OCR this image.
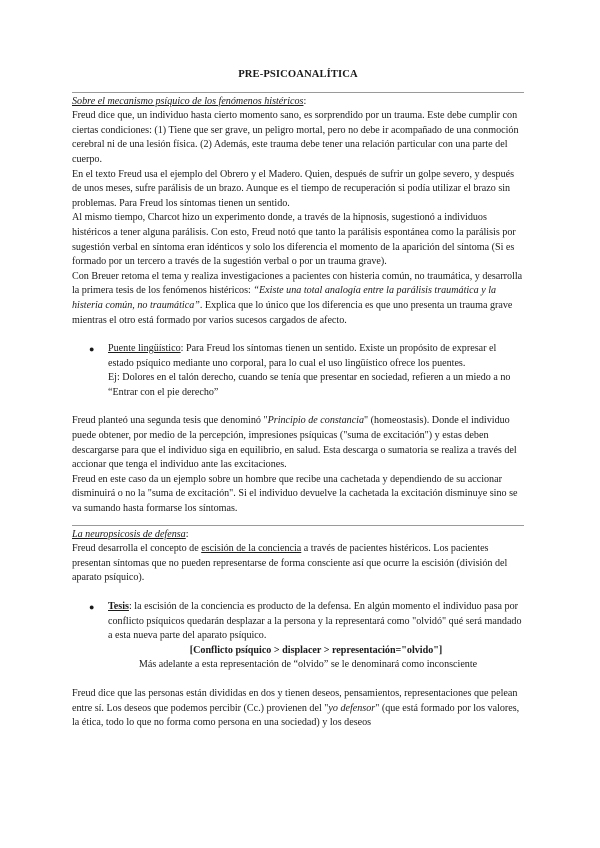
PRE-PSICOANALÍTICA

Sobre el mecanismo psíquico de los fenómenos histéricos:

Freud dice que, un individuo hasta cierto momento sano, es sorprendido por un trauma. Este debe cumplir con ciertas condiciones: (1) Tiene que ser grave, un peligro mortal, pero no debe ir acompañado de una conmoción cerebral ni de una lesión física. (2) Además, este trauma debe tener una relación particular con una parte del cuerpo.

En el texto Freud usa el ejemplo del Obrero y el Madero. Quien, después de sufrir un golpe severo, y después de unos meses, sufre parálisis de un brazo. Aunque es el tiempo de recuperación si podía utilizar el brazo sin problemas. Para Freud los síntomas tienen un sentido.

Al mismo tiempo, Charcot hizo un experimento donde, a través de la hipnosis, sugestionó a individuos histéricos a tener alguna parálisis. Con esto, Freud notó que tanto la parálisis espontánea como la parálisis por sugestión verbal en síntoma eran idénticos y solo los diferencia el momento de la aparición del síntoma (Si es formado por un tercero a través de la sugestión verbal o por un trauma grave).

Con Breuer retoma el tema y realiza investigaciones a pacientes con histeria común, no traumática, y desarrolla la primera tesis de los fenómenos histéricos: “Existe una total analogía entre la parálisis traumática y la histeria común, no traumática”. Explica que lo único que los diferencia es que uno presenta un trauma grave mientras el otro está formado por varios sucesos cargados de afecto.

● Puente lingüístico: Para Freud los síntomas tienen un sentido. Existe un propósito de expresar el estado psíquico mediante uno corporal, para lo cual el uso lingüístico ofrece los puentes.

Ej: Dolores en el talón derecho, cuando se tenía que presentar en sociedad, refieren a un miedo a no “Entrar con el pie derecho”

Freud planteó una segunda tesis que denominó "Principio de constancia" (homeostasis). Donde el individuo puede obtener, por medio de la percepción, impresiones psíquicas ("suma de excitación") y estas deben descargarse para que el individuo siga en equilibrio, en salud. Esta descarga o sumatoria se realiza a través del accionar que tenga el individuo ante las excitaciones.

Freud en este caso da un ejemplo sobre un hombre que recibe una cachetada y dependiendo de su accionar disminuirá o no la "suma de excitación". Si el individuo devuelve la cachetada la excitación disminuye sino se va sumando hasta formarse los síntomas.

La neuropsicosis de defensa:

Freud desarrolla el concepto de escisión de la conciencia a través de pacientes histéricos. Los pacientes presentan síntomas que no pueden representarse de forma consciente así que ocurre la escisión (división del aparato psíquico).

● Tesis: la escisión de la conciencia es producto de la defensa. En algún momento el individuo pasa por conflicto psíquicos quedarán desplazar a la persona y la representará como "olvidó" qué será mandado a esta nueva parte del aparato psíquico.

[Conflicto psíquico > displacer > representación="olvido"]

Más adelante a esta representación de “olvido” se le denominará como inconsciente

Freud dice que las personas están divididas en dos y tienen deseos, pensamientos, representaciones que pelean entre sí. Los deseos que podemos percibir (Cc.) provienen del "yo defensor" (que está formado por los valores, la ética, todo lo que no forma como persona en una sociedad) y los deseos
